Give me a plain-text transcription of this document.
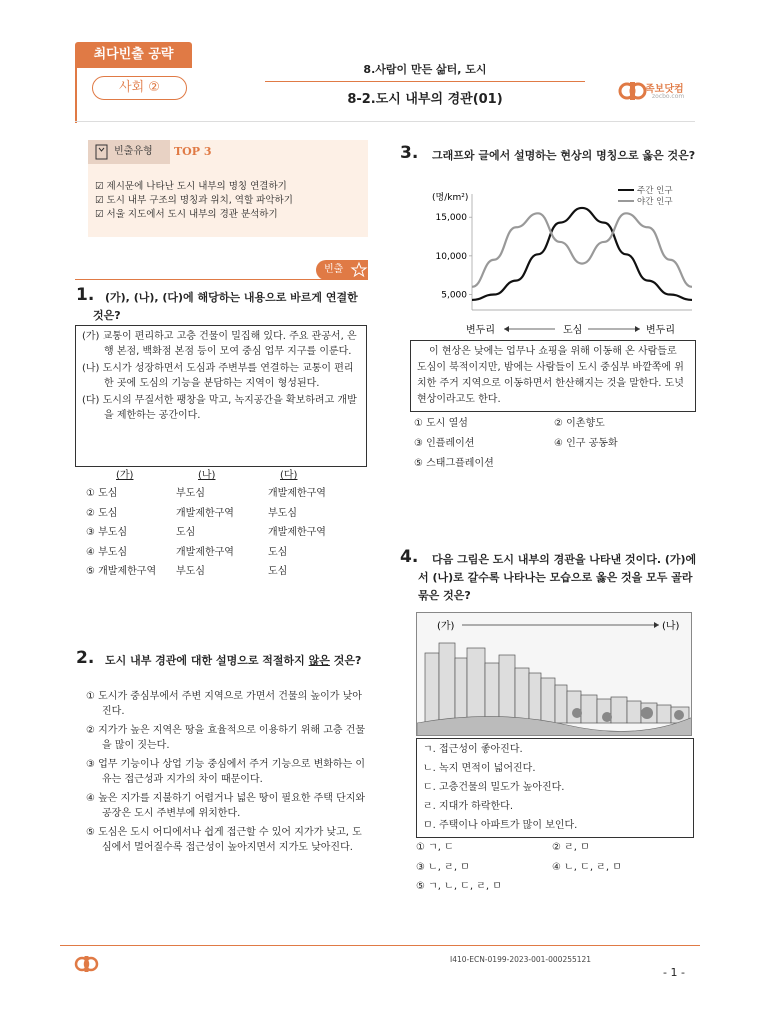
최다빈출 공략
사회 ②
8.사람이 만든 삶터, 도시
8-2.도시 내부의 경관(01)
족보닷컴
zocbo.com
빈출유형	TOP 3
☑ 제시문에 나타난 도시 내부의 명칭 연결하기
☑ 도시 내부 구조의 명칭과 위치, 역할 파악하기
☑ 서울 지도에서 도시 내부의 경관 분석하기
빈출
1. (가), (나), (다)에 해당하는 내용으로 바르게 연결한 것은?

(가) 교통이 편리하고 고층 건물이 밀집해 있다. 주요 관공서, 은행 본점, 백화점 본점 등이 모여 중심 업무 지구를 이룬다.

(나) 도시가 성장하면서 도심과 주변부를 연결하는 교통이 편리한 곳에 도심의 기능을 분담하는 지역이 형성된다.

(다) 도시의 무질서한 팽창을 막고, 녹지공간을 확보하려고 개발을 제한하는 공간이다.

(가)	(나)	(다)
① 도심	부도심	개발제한구역
② 도심	개발제한구역	부도심
③ 부도심	도심	개발제한구역
④ 부도심	개발제한구역	도심
⑤ 개발제한구역	부도심	도심
2. 도시 내부 경관에 대한 설명으로 적절하지 않은 것은?

① 도시가 중심부에서 주변 지역으로 가면서 건물의 높이가 낮아진다.

② 지가가 높은 지역은 땅을 효율적으로 이용하기 위해 고층 건물을 많이 짓는다.

③ 업무 기능이나 상업 기능 중심에서 주거 기능으로 변화하는 이유는 접근성과 지가의 차이 때문이다.

④ 높은 지가를 지불하기 어렵거나 넓은 땅이 필요한 주택 단지와 공장은 도시 주변부에 위치한다.

⑤ 도심은 도시 어디에서나 쉽게 접근할 수 있어 지가가 낮고, 도심에서 멀어질수록 접근성이 높아지면서 지가도 낮아진다.

3.	그래프와 글에서 설명하는 현상의 명칭으로 옳은 것은?
(명/km²)
5,000
10,000
15,000
주간 인구
야간 인구
변두리	도심	변두리
이 현상은 낮에는 업무나 쇼핑을 위해 이동해 온 사람들로 도심이 북적이지만, 밤에는 사람들이 도시 중심부 바깥쪽에 위치한 주거 지역으로 이동하면서 한산해지는 것을 말한다. 도넛 현상이라고도 한다.
① 도시 열섬	② 이촌향도
③ 인플레이션	④ 인구 공동화
⑤ 스태그플레이션
4.	다음 그림은 도시 내부의 경관을 나타낸 것이다. (가)에서 (나)로 갈수록 나타나는 모습으로 옳은 것을 모두 골라 묶은 것은?
(가)	(나)
ㄱ. 접근성이 좋아진다.
ㄴ. 녹지 면적이 넓어진다.
ㄷ. 고층건물의 밀도가 높아진다.
ㄹ. 지대가 하락한다.
ㅁ. 주택이나 아파트가 많이 보인다.
① ㄱ, ㄷ	② ㄹ, ㅁ
③ ㄴ, ㄹ, ㅁ	④ ㄴ, ㄷ, ㄹ, ㅁ
⑤ ㄱ, ㄴ, ㄷ, ㄹ, ㅁ
I410-ECN-0199-2023-001-000255121
- 1 -
